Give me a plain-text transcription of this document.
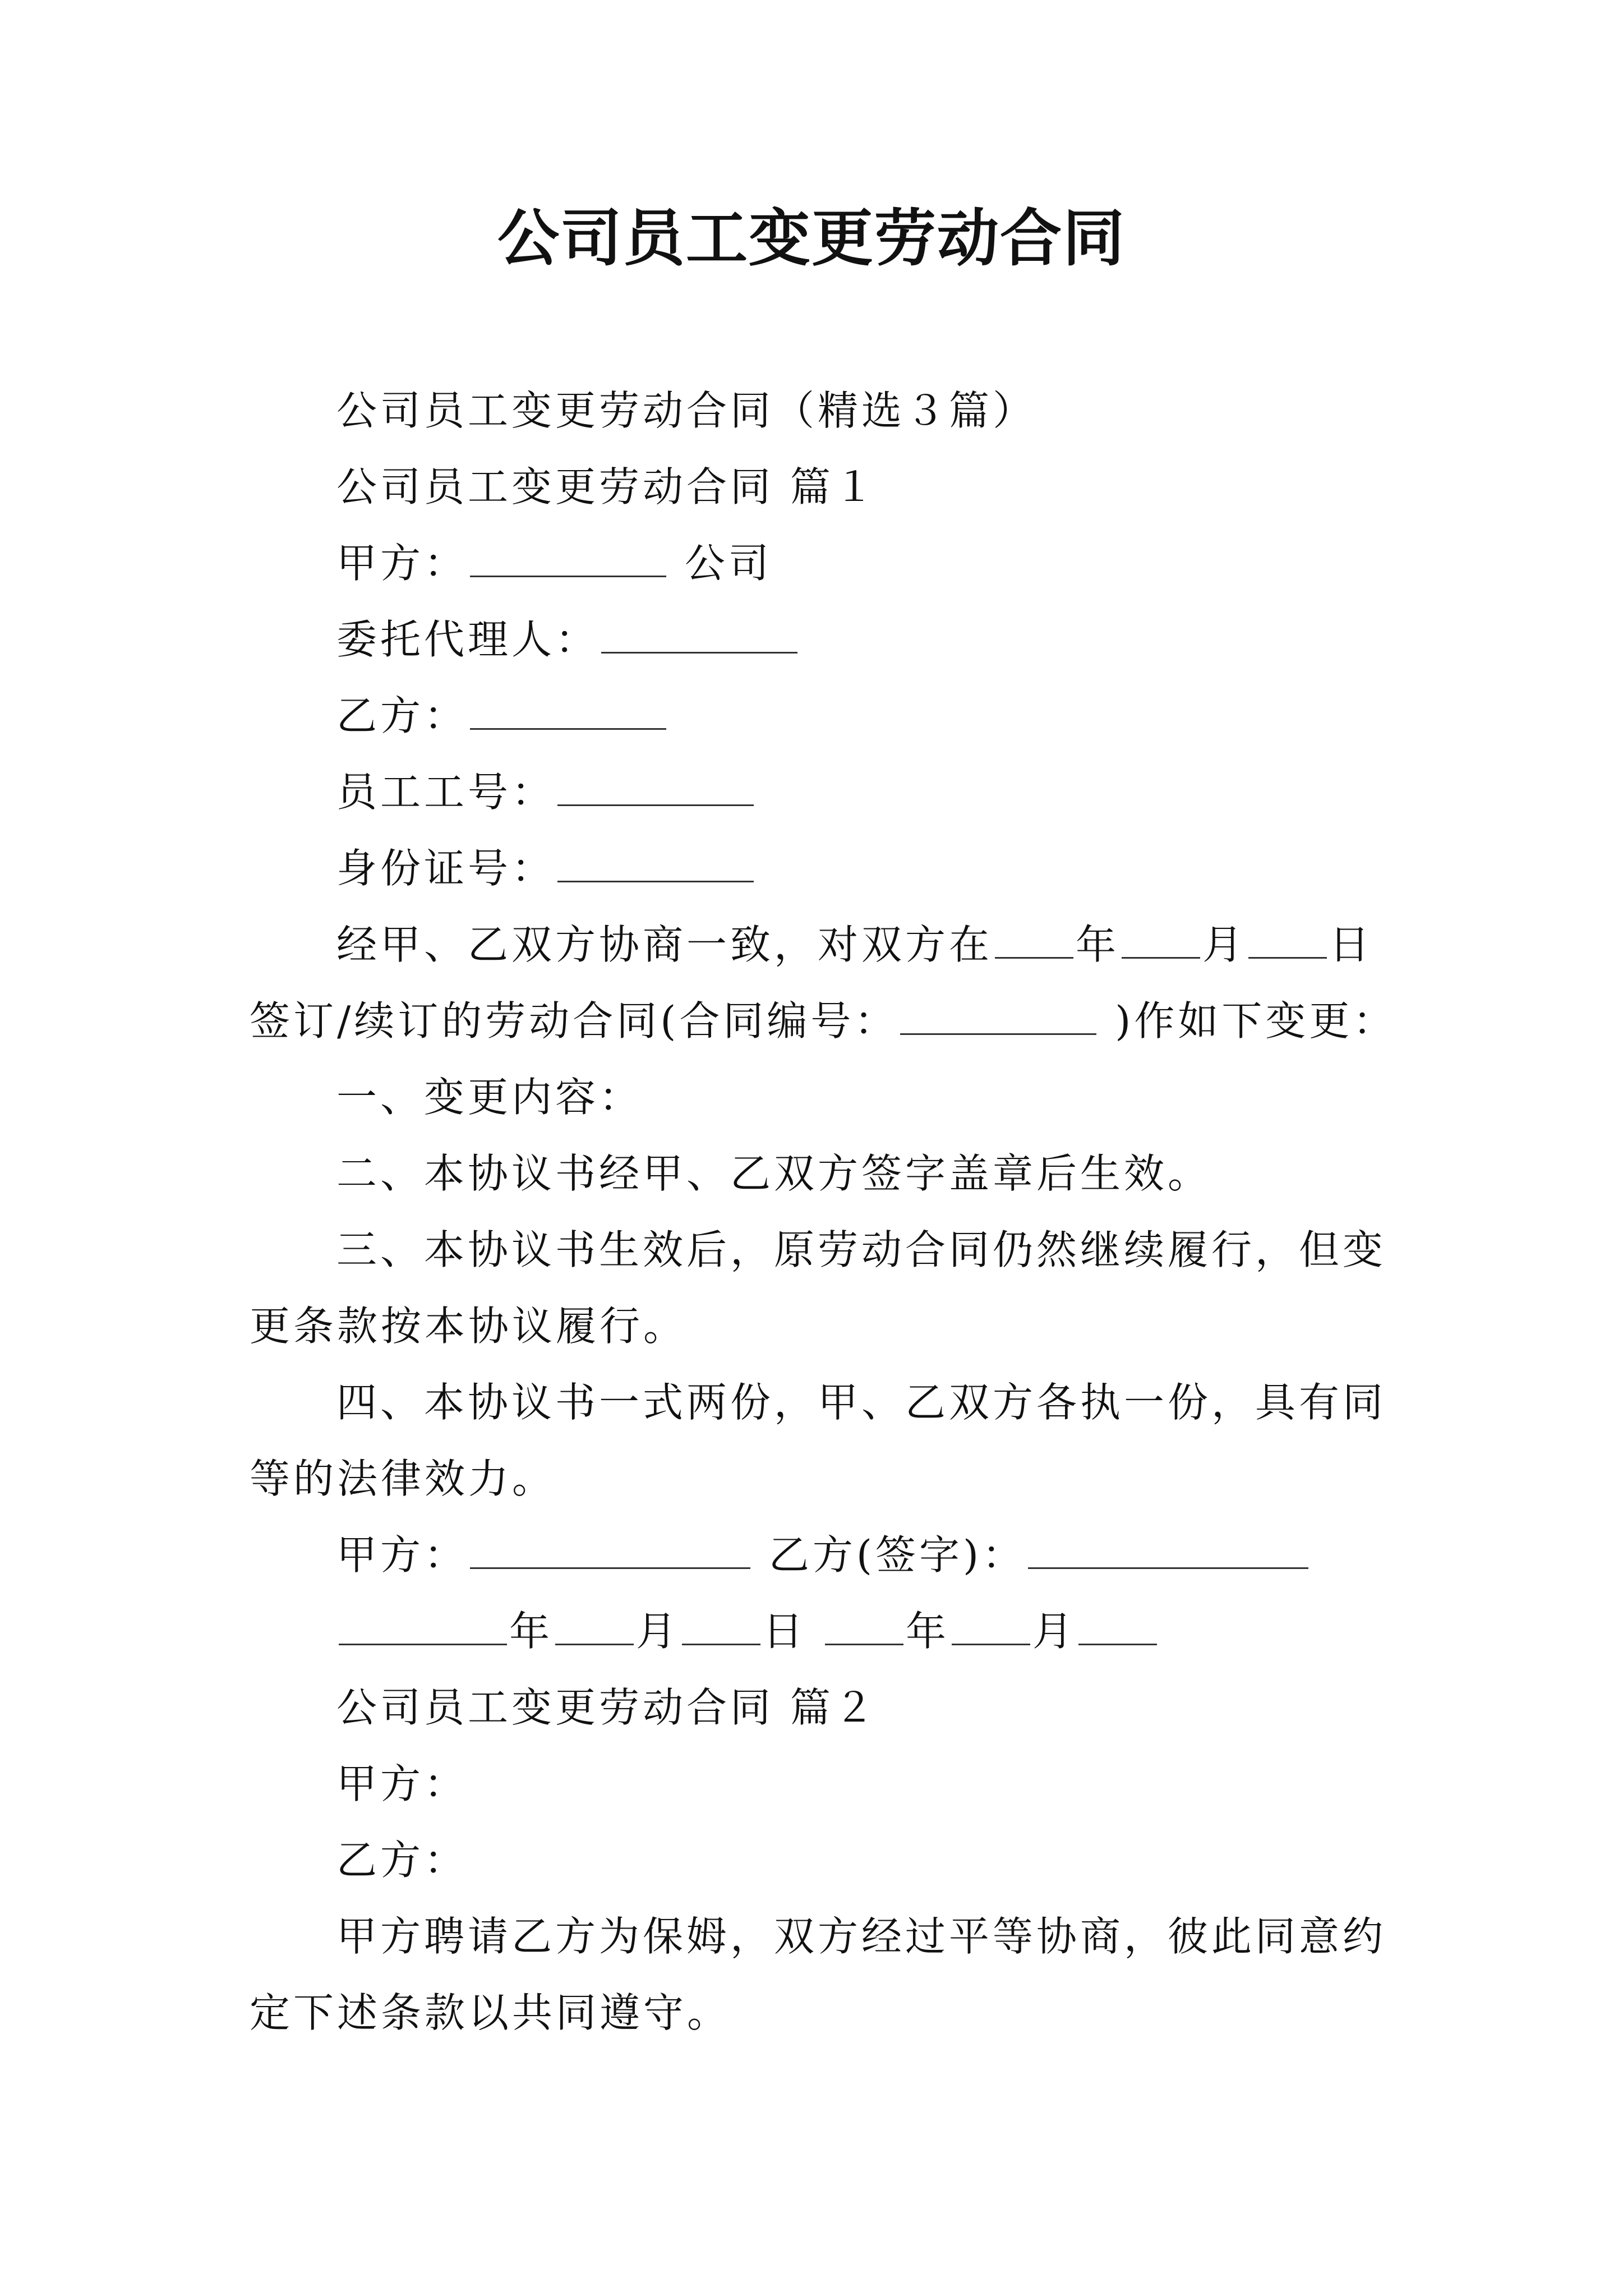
公司员工变更劳动合同
公司员工变更劳动合同（精选３篇）
公司员工变更劳动合同 篇１
甲方：	公司
委托代理人：
乙方：
员工工号：
身份证号：
经甲、乙双方协商一致，对双方在 年 月 日
签订/续订的劳动合同(合同编号：	)作如下变更：
一、变更内容：
二、本协议书经甲、乙双方签字盖章后生效。
三、本协议书生效后，原劳动合同仍然继续履行，但变
更条款按本协议履行。
四、本协议书一式两份，甲、乙双方各执一份，具有同
等的法律效力。
甲方：	乙方(签字)：
年 月 日 年 月
公司员工变更劳动合同 篇２
甲方：
乙方：
甲方聘请乙方为保姆，双方经过平等协商，彼此同意约
定下述条款以共同遵守。
